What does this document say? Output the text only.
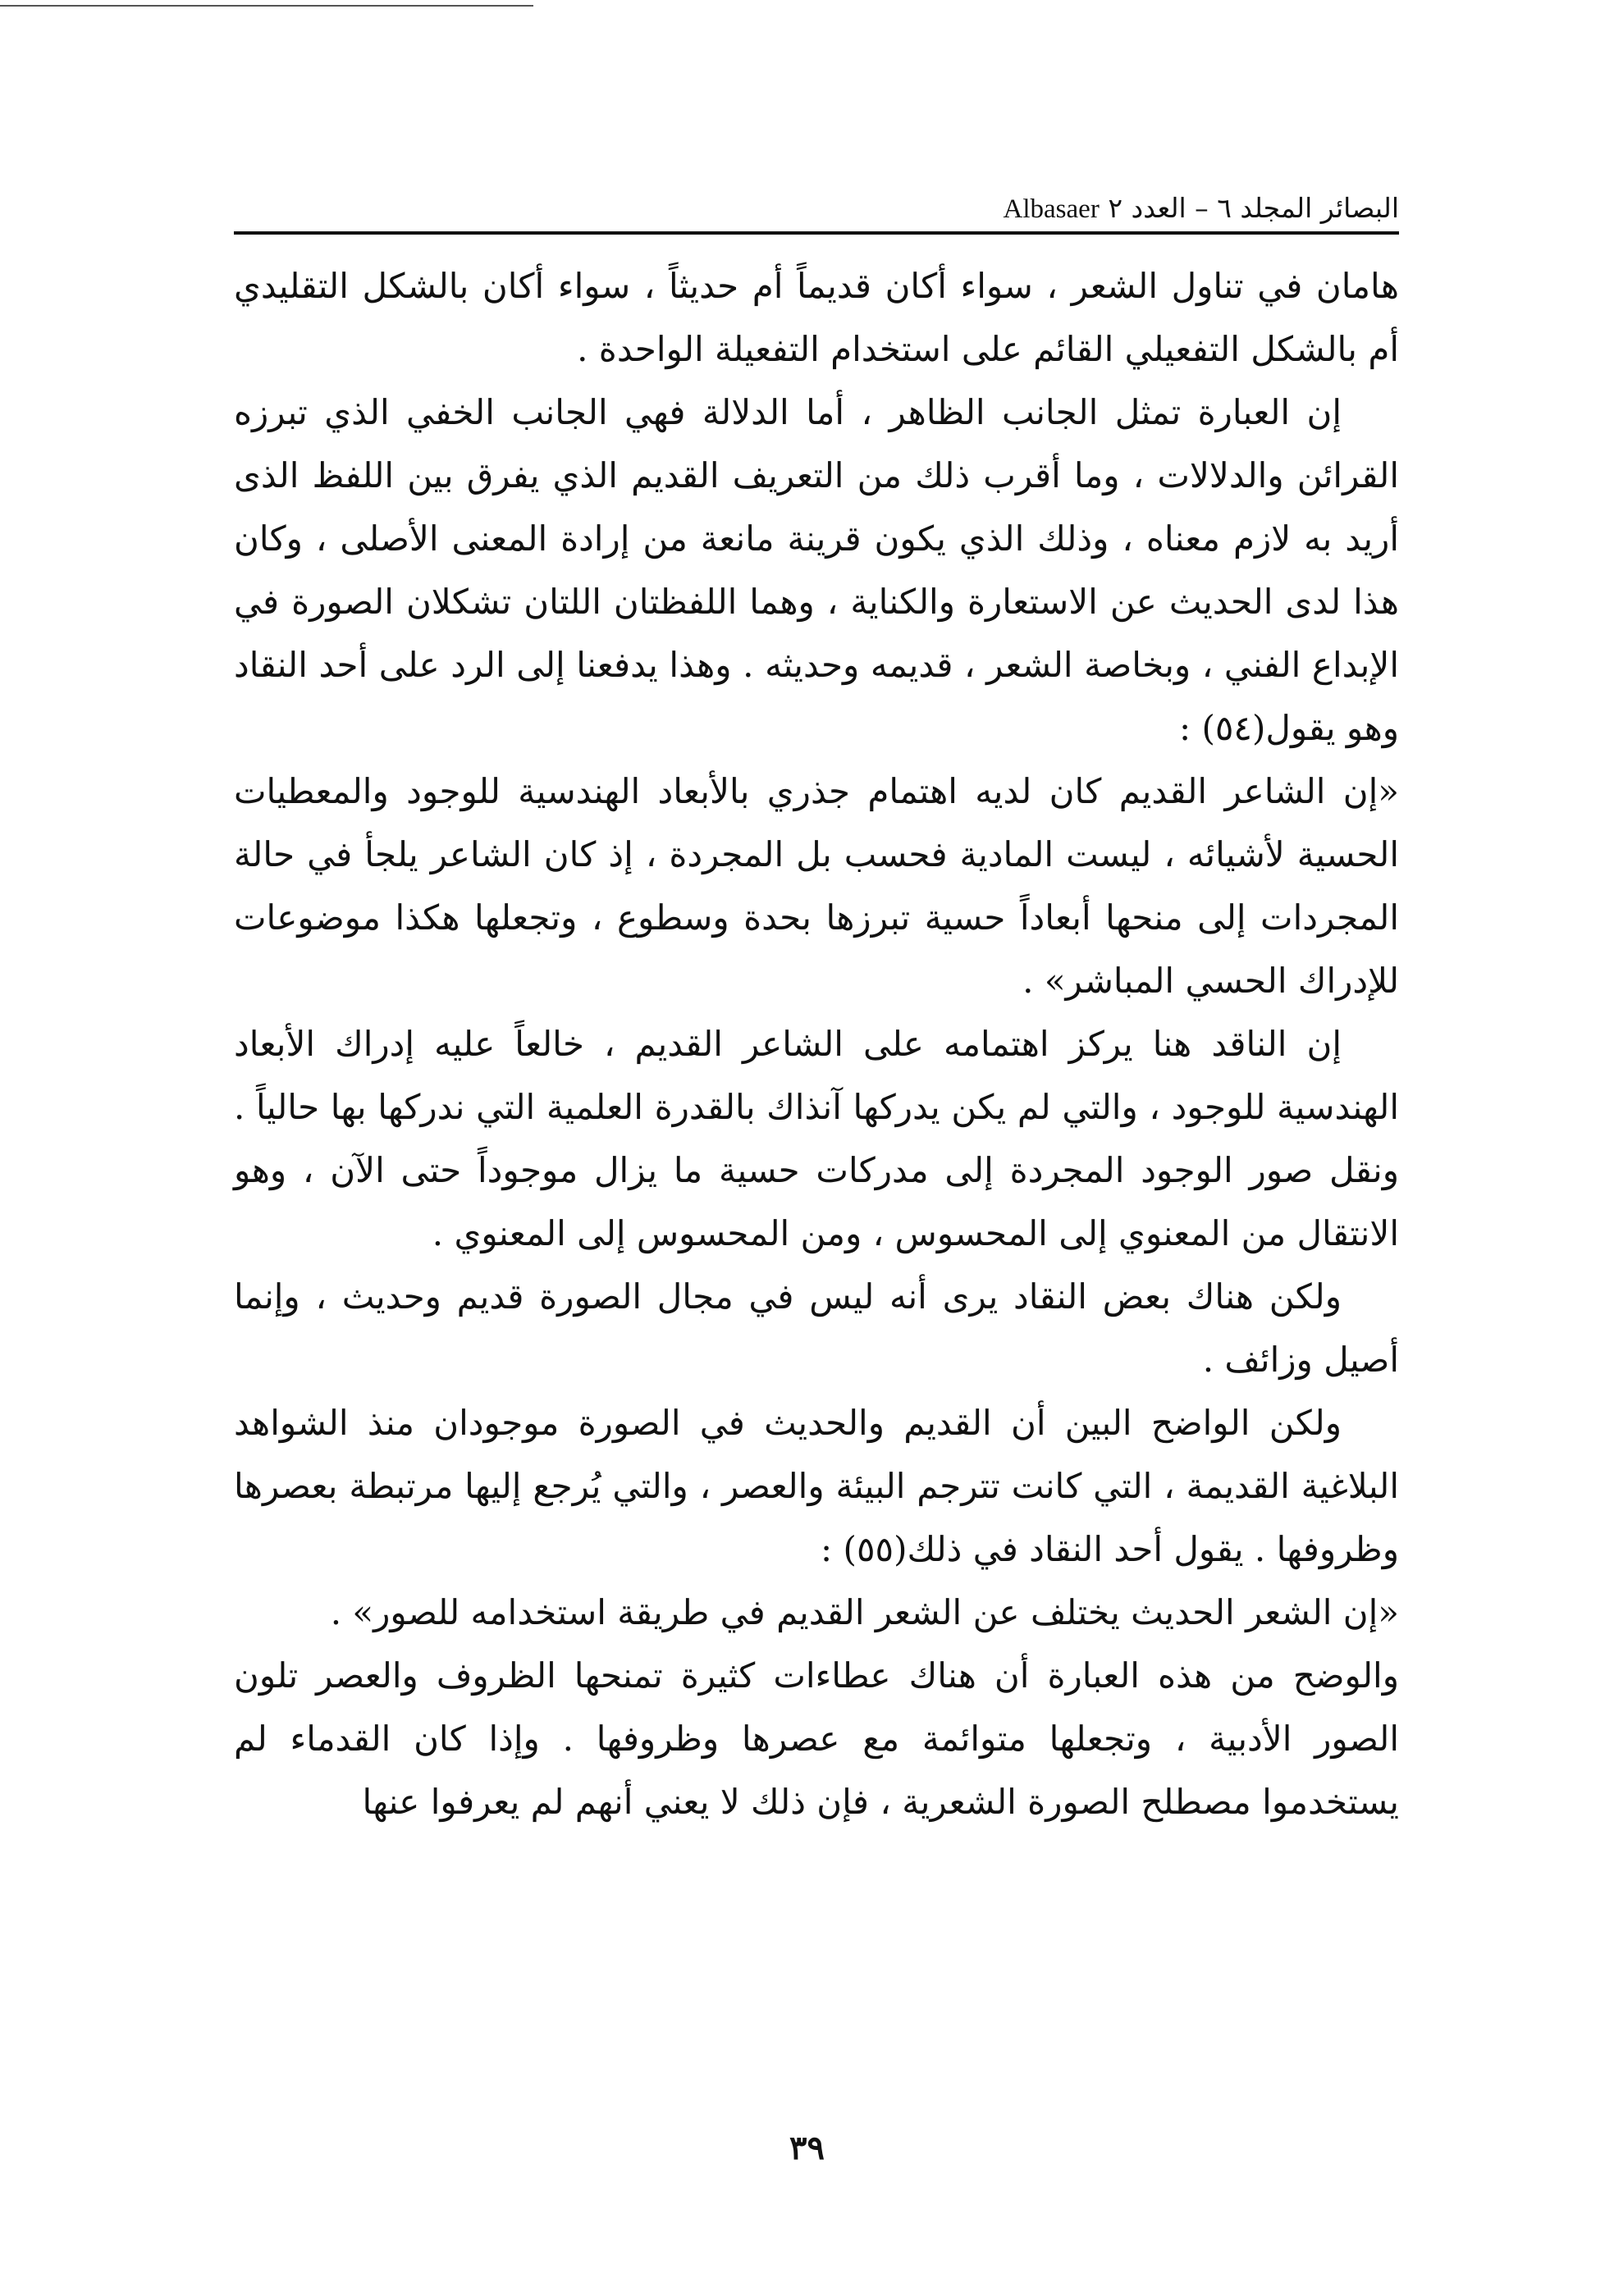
البصائر المجلد ٦ – العدد ٢ Albasaer

هامان في تناول الشعر ، سواء أكان قديماً أم حديثاً ، سواء أكان بالشكل التقليدي أم بالشكل التفعيلي القائم على استخدام التفعيلة الواحدة .

إن العبارة تمثل الجانب الظاهر ، أما الدلالة فهي الجانب الخفي الذي تبرزه القرائن والدلالات ، وما أقرب ذلك من التعريف القديم الذي يفرق بين اللفظ الذى أريد به لازم معناه ، وذلك الذي يكون قرينة مانعة من إرادة المعنى الأصلى ، وكان هذا لدى الحديث عن الاستعارة والكناية ، وهما اللفظتان اللتان تشكلان الصورة في الإبداع الفني ، وبخاصة الشعر ، قديمه وحديثه . وهذا يدفعنا إلى الرد على أحد النقاد وهو يقول(٥٤) :

«إن الشاعر القديم كان لديه اهتمام جذري بالأبعاد الهندسية للوجود والمعطيات الحسية لأشيائه ، ليست المادية فحسب بل المجردة ، إذ كان الشاعر يلجأ في حالة المجردات إلى منحها أبعاداً حسية تبرزها بحدة وسطوع ، وتجعلها هكذا موضوعات للإدراك الحسي المباشر» .

إن الناقد هنا يركز اهتمامه على الشاعر القديم ، خالعاً عليه إدراك الأبعاد الهندسية للوجود ، والتي لم يكن يدركها آنذاك بالقدرة العلمية التي ندركها بها حالياً . ونقل صور الوجود المجردة إلى مدركات حسية ما يزال موجوداً حتى الآن ، وهو الانتقال من المعنوي إلى المحسوس ، ومن المحسوس إلى المعنوي .

ولكن هناك بعض النقاد يرى أنه ليس في مجال الصورة قديم وحديث ، وإنما أصيل وزائف .

ولكن الواضح البين أن القديم والحديث في الصورة موجودان منذ الشواهد البلاغية القديمة ، التي كانت تترجم البيئة والعصر ، والتي يُرجع إليها مرتبطة بعصرها وظروفها . يقول أحد النقاد في ذلك(٥٥) :

«إن الشعر الحديث يختلف عن الشعر القديم في طريقة استخدامه للصور» .

والوضح من هذه العبارة أن هناك عطاءات كثيرة تمنحها الظروف والعصر تلون الصور الأدبية ، وتجعلها متوائمة مع عصرها وظروفها . وإذا كان القدماء لم يستخدموا مصطلح الصورة الشعرية ، فإن ذلك لا يعني أنهم لم يعرفوا عنها

٣٩
